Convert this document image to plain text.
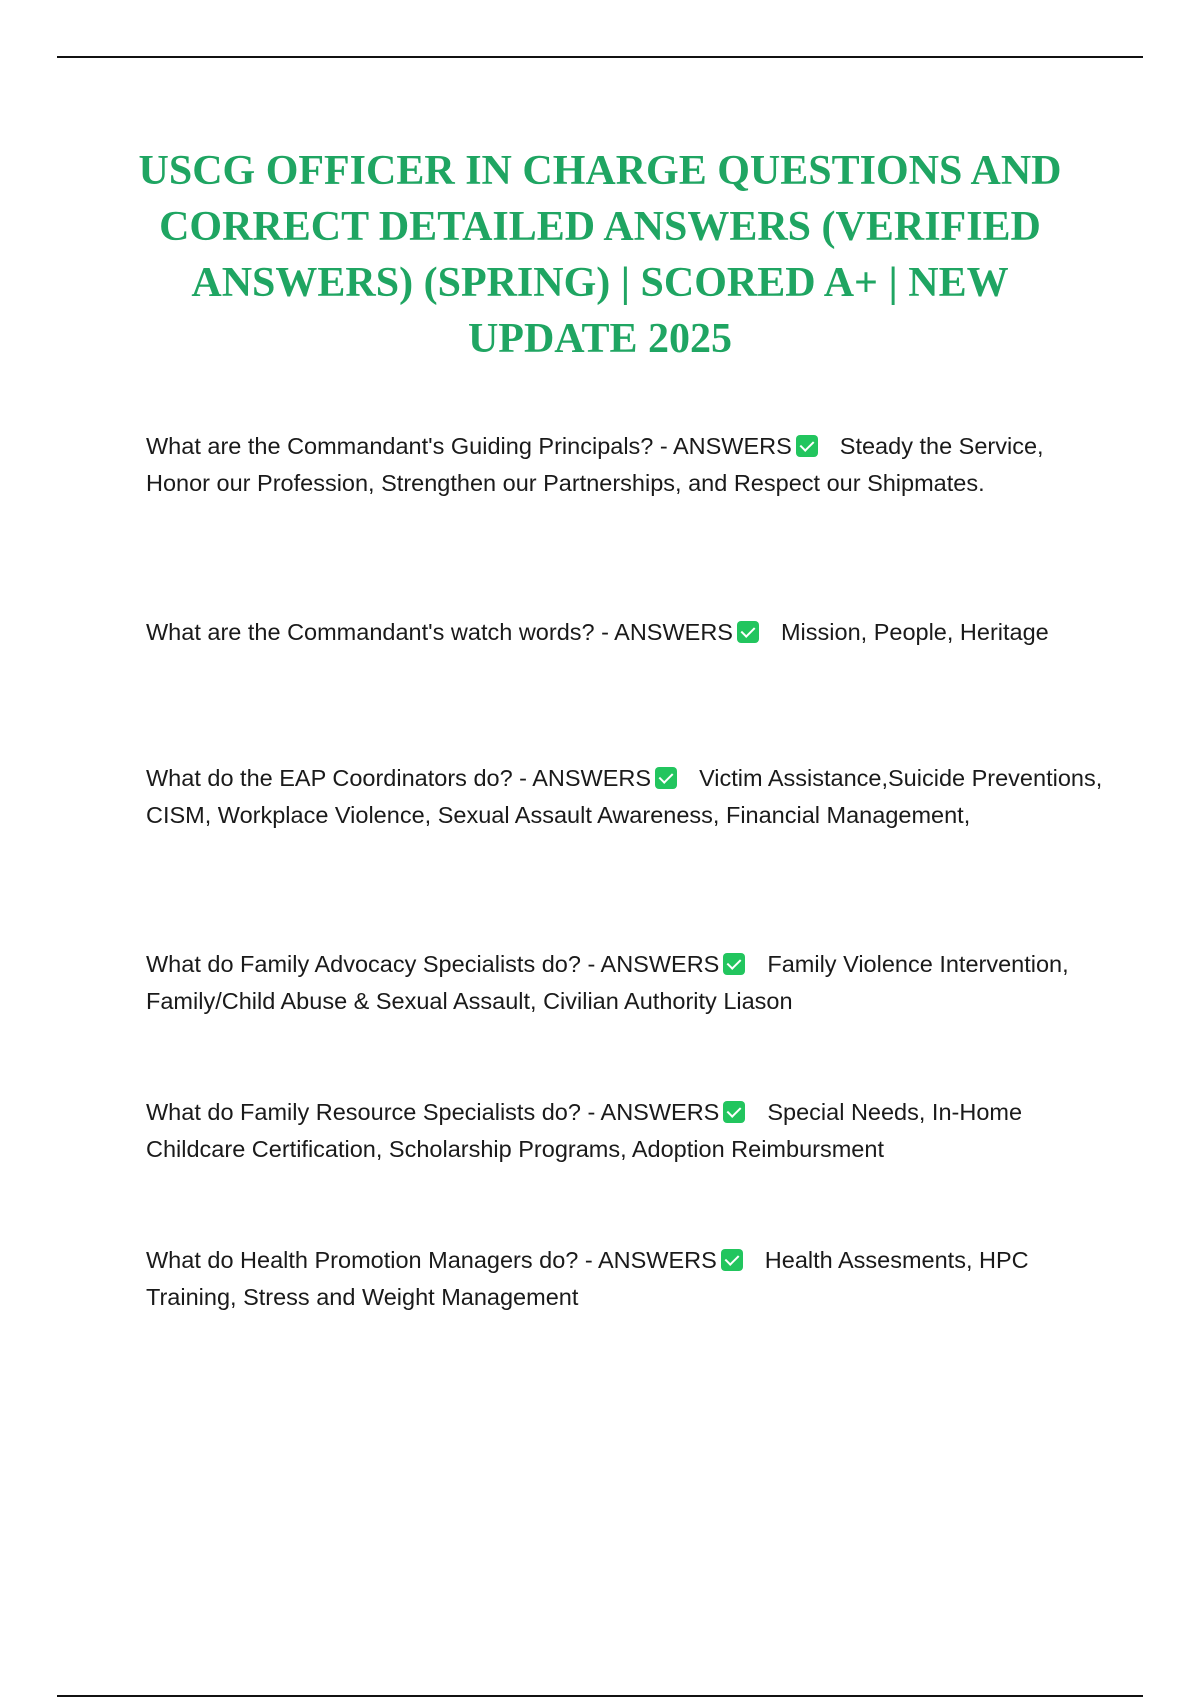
USCG OFFICER IN CHARGE QUESTIONS AND CORRECT DETAILED ANSWERS (VERIFIED ANSWERS) (SPRING) | SCORED A+ | NEW UPDATE 2025

What are the Commandant's Guiding Principals? - ANSWERS Steady the Service, Honor our Profession, Strengthen our Partnerships, and Respect our Shipmates.

What are the Commandant's watch words? - ANSWERS Mission, People, Heritage

What do the EAP Coordinators do? - ANSWERS Victim Assistance,Suicide Preventions, CISM, Workplace Violence, Sexual Assault Awareness, Financial Management,

What do Family Advocacy Specialists do? - ANSWERS Family Violence Intervention, Family/Child Abuse & Sexual Assault, Civilian Authority Liason

What do Family Resource Specialists do? - ANSWERS Special Needs, In-Home Childcare Certification, Scholarship Programs, Adoption Reimbursment

What do Health Promotion Managers do? - ANSWERS Health Assesments, HPC Training, Stress and Weight Management
